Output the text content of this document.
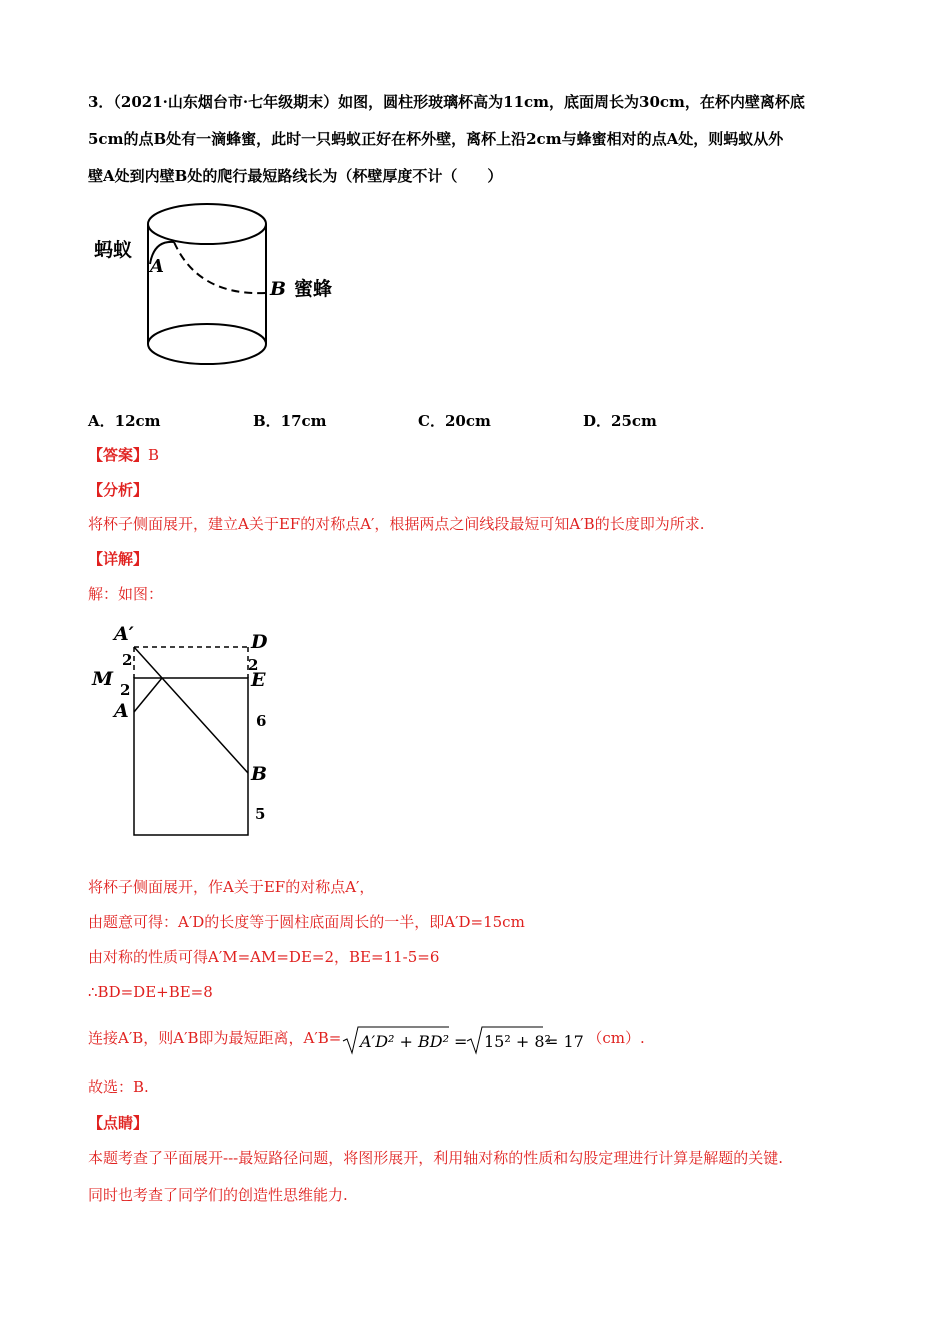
3．（2021·山东烟台市·七年级期末）如图，圆柱形玻璃杯高为11cm，底面周长为30cm，在杯内壁离杯底
5cm的点B处有一滴蜂蜜，此时一只蚂蚁正好在杯外壁，离杯上沿2cm与蜂蜜相对的点A处，则蚂蚁从外
壁A处到内壁B处的爬行最短路线长为（杯壁厚度不计（　　）
蚂蚁
A
B 蜜蜂
A．12cm	B．17cm	C．20cm	D．25cm
【答案】B
【分析】
将杯子侧面展开，建立A关于EF的对称点A′，根据两点之间线段最短可知A′B的长度即为所求.
【详解】
解：如图：
A′	D
2	2
M	E
2
A	6
B
5
将杯子侧面展开，作A关于EF的对称点A′，
由题意可得：A′D的长度等于圆柱底面周长的一半，即A′D=15cm
由对称的性质可得A′M=AM=DE=2，BE=11-5=6
∴BD=DE+BE=8
连接A′B，则A′B即为最短距离，A′B= A′D² + BD² = 15² + 8²
= 17 （cm）.
故选：B.
【点睛】
本题考查了平面展开---最短路径问题，将图形展开，利用轴对称的性质和勾股定理进行计算是解题的关键.
同时也考查了同学们的创造性思维能力.
